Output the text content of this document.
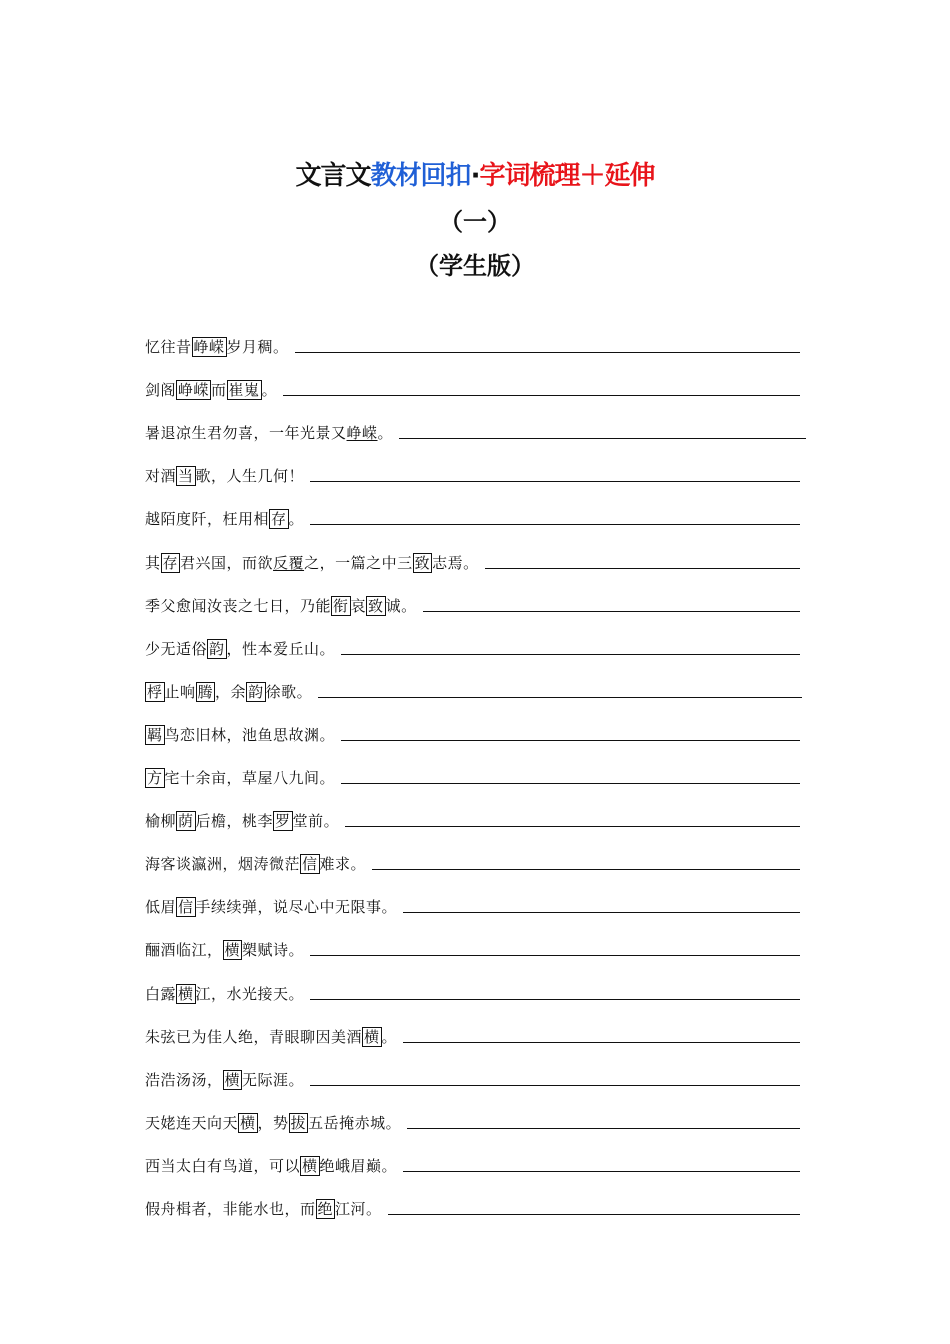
文言文教材回扣·字词梳理＋延伸
（一）
（学生版）
忆往昔 峥嵘 岁月稠。
剑阁 峥嵘 而 崔嵬 。
暑退凉生君勿喜，一年光景又峥嵘。
对酒 当 歌，人生几何！
越陌度阡，枉用相 存 。
其 存 君兴国，而欲反覆之，一篇之中三 致 志焉。
季父愈闻汝丧之七日，乃能 衔 哀 致 诚。
少无适俗 韵 ，性本爱丘山。
桴 止响 腾 ，余 韵 徐歌。
羁 鸟恋旧林，池鱼思故渊。
方 宅十余亩，草屋八九间。
榆柳 荫 后檐，桃李 罗 堂前。
海客谈瀛洲，烟涛微茫 信 难求。
低眉 信 手续续弹，说尽心中无限事。
酾酒临江， 横 槊赋诗。
白露 横 江，水光接天。
朱弦已为佳人绝，青眼聊因美酒 横 。
浩浩汤汤， 横 无际涯。
天姥连天向天 横 ，势 拔 五岳掩赤城。
西当太白有鸟道，可以 横 绝峨眉巅。
假舟楫者，非能水也，而 绝 江河。
